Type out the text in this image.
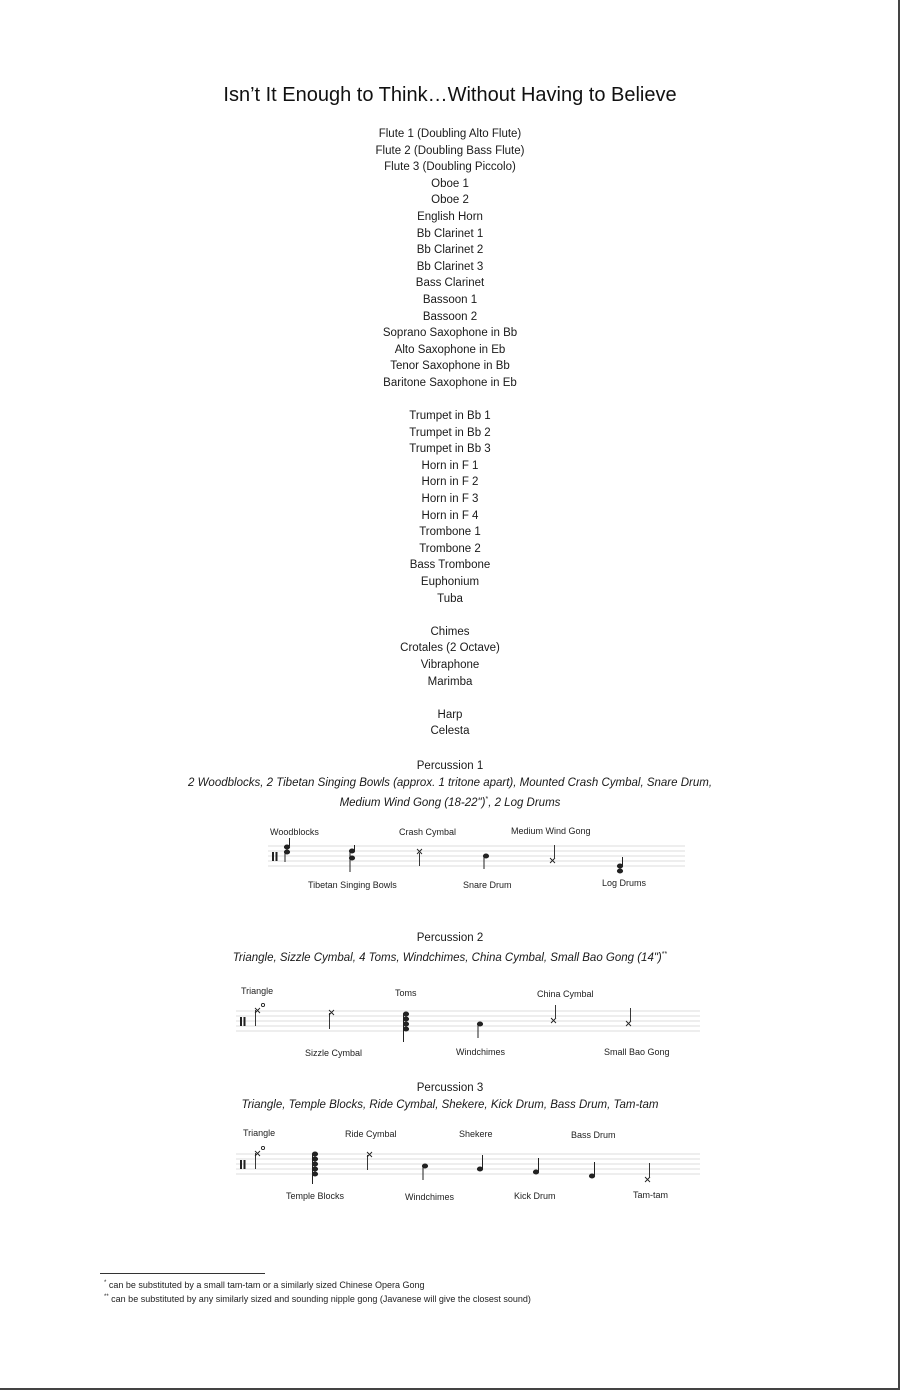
Isn’t It Enough to Think…Without Having to Believe
Flute 1 (Doubling Alto Flute)
Flute 2 (Doubling Bass Flute)
Flute 3 (Doubling Piccolo)
Oboe 1
Oboe 2
English Horn
Bb Clarinet 1
Bb Clarinet 2
Bb Clarinet 3
Bass Clarinet
Bassoon 1
Bassoon 2
Soprano Saxophone in Bb
Alto Saxophone in Eb
Tenor Saxophone in Bb
Baritone Saxophone in Eb
Trumpet in Bb 1
Trumpet in Bb 2
Trumpet in Bb 3
Horn in F 1
Horn in F 2
Horn in F 3
Horn in F 4
Trombone 1
Trombone 2
Bass Trombone
Euphonium
Tuba
Chimes
Crotales (2 Octave)
Vibraphone
Marimba
Harp
Celesta
Percussion 1
2 Woodblocks, 2 Tibetan Singing Bowls (approx. 1 tritone apart), Mounted Crash Cymbal, Snare Drum,
Medium Wind Gong (18-22")*, 2 Log Drums
Woodblocks	Crash Cymbal	Medium Wind Gong
Tibetan Singing Bowls	Snare Drum	Log Drums
Percussion 2
Triangle, Sizzle Cymbal, 4 Toms, Windchimes, China Cymbal, Small Bao Gong (14")**
Triangle	Toms	China Cymbal
Sizzle Cymbal	Windchimes	Small Bao Gong
Percussion 3
Triangle, Temple Blocks, Ride Cymbal, Shekere, Kick Drum, Bass Drum, Tam-tam
Triangle	Ride Cymbal	Shekere	Bass Drum
Temple Blocks	Windchimes	Kick Drum	Tam-tam
* can be substituted by a small tam-tam or a similarly sized Chinese Opera Gong
** can be substituted by any similarly sized and sounding nipple gong (Javanese will give the closest sound)
